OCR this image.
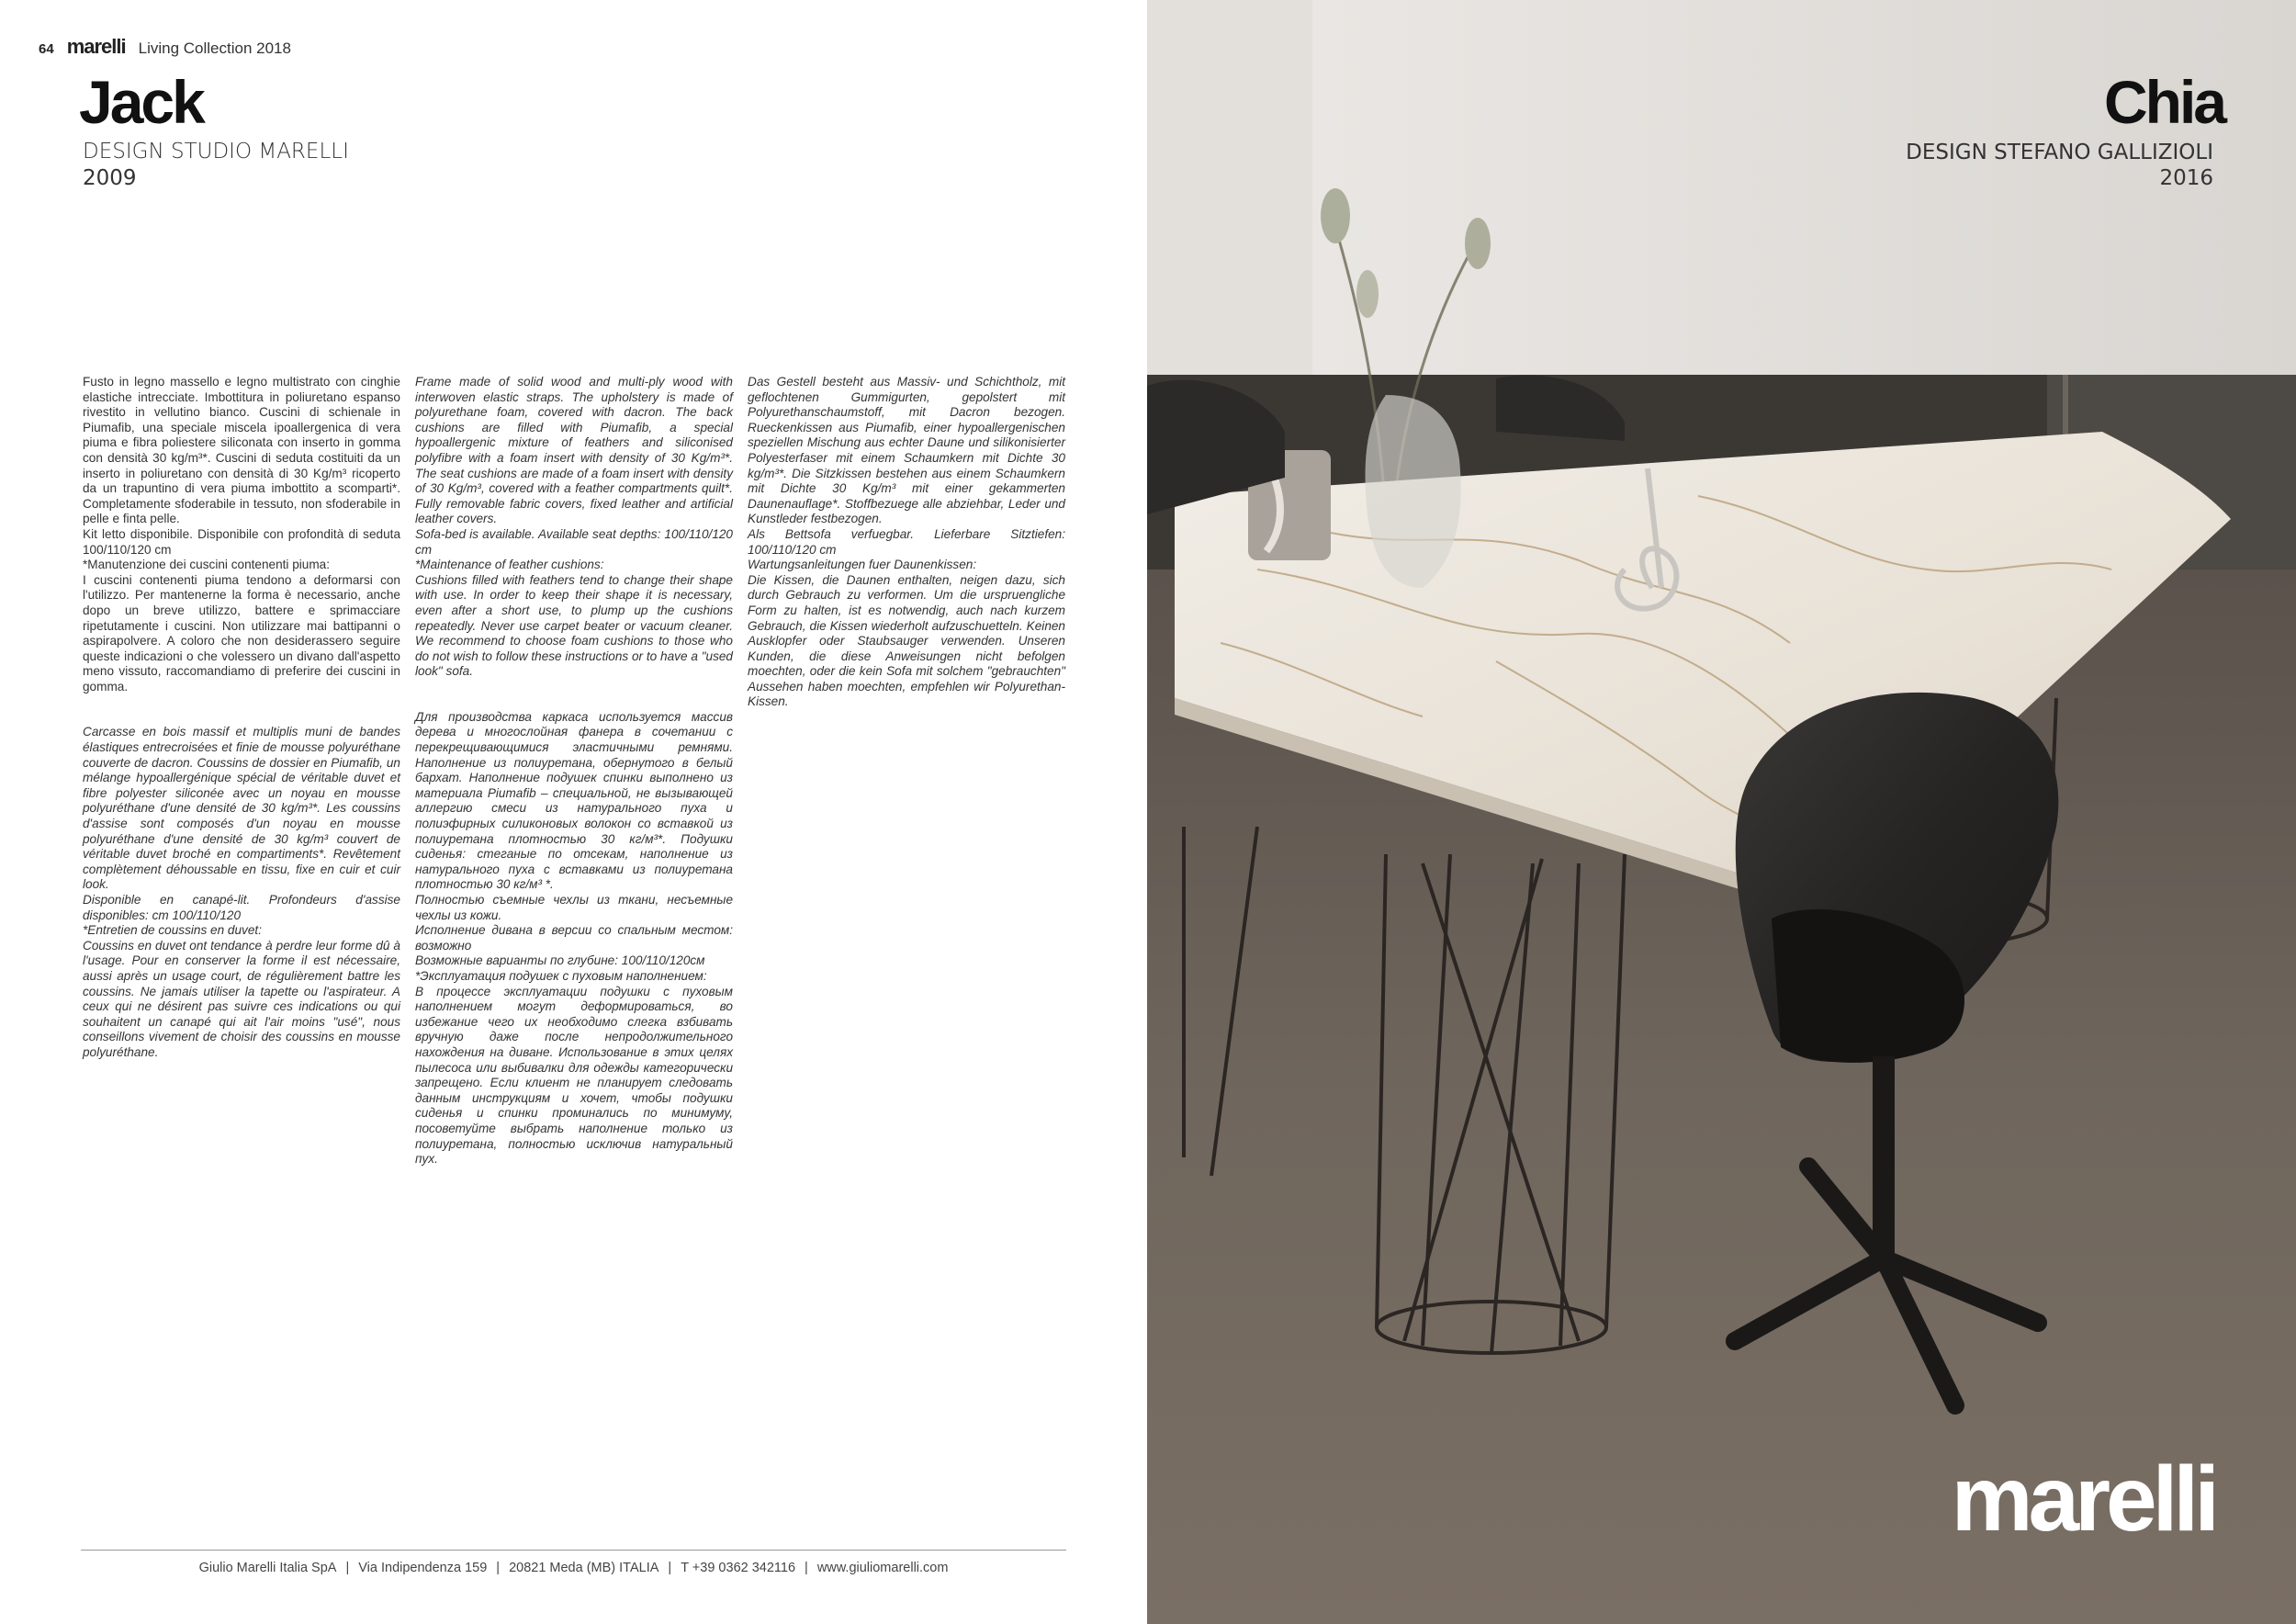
64 marelli Living Collection 2018
Jack
DESIGN STUDIO MARELLI
2009

Fusto in legno massello e legno multistrato con cinghie elastiche intrecciate. Imbottitura in poliuretano espanso rivestito in vellutino bianco. Cuscini di schienale in Piumafib, una speciale miscela ipoallergenica di vera piuma e fibra poliestere siliconata con inserto in gomma con densità 30 kg/m³*. Cuscini di seduta costituiti da un inserto in poliuretano con densità di 30 Kg/m³ ricoperto da un trapuntino di vera piuma imbottito a scomparti*. Completamente sfoderabile in tessuto, non sfoderabile in pelle e finta pelle.
Kit letto disponibile. Disponibile con profondità di seduta 100/110/120 cm
*Manutenzione dei cuscini contenenti piuma:
I cuscini contenenti piuma tendono a deformarsi con l'utilizzo. Per mantenerne la forma è necessario, anche dopo un breve utilizzo, battere e sprimacciare ripetutamente i cuscini. Non utilizzare mai battipanni o aspirapolvere. A coloro che non desiderassero seguire queste indicazioni o che volessero un divano dall'aspetto meno vissuto, raccomandiamo di preferire dei cuscini in gomma.

Carcasse en bois massif et multiplis muni de bandes élastiques entrecroisées et finie de mousse polyuréthane couverte de dacron. Coussins de dossier en Piumafib, un mélange hypoallergénique spécial de véritable duvet et fibre polyester siliconée avec un noyau en mousse polyuréthane d'une densité de 30 kg/m³*. Les coussins d'assise sont composés d'un noyau en mousse polyuréthane d'une densité de 30 kg/m³ couvert de véritable duvet broché en compartiments*. Revêtement complètement déhoussable en tissu, fixe en cuir et cuir look.
Disponible en canapé-lit. Profondeurs d'assise disponibles: cm 100/110/120
*Entretien de coussins en duvet:
Coussins en duvet ont tendance à perdre leur forme dû à l'usage. Pour en conserver la forme il est nécessaire, aussi après un usage court, de régulièrement battre les coussins. Ne jamais utiliser la tapette ou l'aspirateur. A ceux qui ne désirent pas suivre ces indications ou qui souhaitent un canapé qui ait l'air moins "usé", nous conseillons vivement de choisir des coussins en mousse polyuréthane.

Frame made of solid wood and multi-ply wood with interwoven elastic straps. The upholstery is made of polyurethane foam, covered with dacron. The back cushions are filled with Piumafib, a special hypoallergenic mixture of feathers and siliconised polyfibre with a foam insert with density of 30 Kg/m³*. The seat cushions are made of a foam insert with density of 30 Kg/m³, covered with a feather compartments quilt*. Fully removable fabric covers, fixed leather and artificial leather covers.
Sofa-bed is available. Available seat depths: 100/110/120 cm
*Maintenance of feather cushions:
Cushions filled with feathers tend to change their shape with use. In order to keep their shape it is necessary, even after a short use, to plump up the cushions repeatedly. Never use carpet beater or vacuum cleaner. We recommend to choose foam cushions to those who do not wish to follow these instructions or to have a "used look" sofa.

Для производства каркаса используется массив дерева и многослойная фанера в сочетании с перекрещивающимися эластичными ремнями. Наполнение из полиуретана, обернутого в белый бархат. Наполнение подушек спинки выполнено из материала Piumafib – специальной, не вызывающей аллергию смеси из натурального пуха и полиэфирных силиконовых волокон со вставкой из полиуретана плотностью 30 кг/м³*. Подушки сиденья: стеганые по отсекам, наполнение из натурального пуха с вставками из полиуретана плотностью 30 кг/м³ *.
Полностью съемные чехлы из ткани, несъемные чехлы из кожи.
Исполнение дивана в версии со спальным местом: возможно
Возможные варианты по глубине: 100/110/120см
*Эксплуатация подушек с пуховым наполнением:
В процессе эксплуатации подушки с пуховым наполнением могут деформироваться, во избежание чего их необходимо слегка взбивать вручную даже после непродолжительного нахождения на диване. Использование в этих целях пылесоса или выбивалки для одежды категорически запрещено. Если клиент не планирует следовать данным инструкциям и хочет, чтобы подушки сиденья и спинки проминались по минимуму, посоветуйте выбрать наполнение только из полиуретана, полностью исключив натуральный пух.

Das Gestell besteht aus Massiv- und Schichtholz, mit geflochtenen Gummigurten, gepolstert mit Polyurethanschaumstoff, mit Dacron bezogen. Rueckenkissen aus Piumafib, einer hypoallergenischen speziellen Mischung aus echter Daune und silikonisierter Polyesterfaser mit einem Schaumkern mit Dichte 30 kg/m³*. Die Sitzkissen bestehen aus einem Schaumkern mit Dichte 30 Kg/m³ mit einer gekammerten Daunenauflage*. Stoffbezuege alle abziehbar, Leder und Kunstleder festbezogen.
Als Bettsofa verfuegbar. Lieferbare Sitztiefen: 100/110/120 cm
Wartungsanleitungen fuer Daunenkissen:
Die Kissen, die Daunen enthalten, neigen dazu, sich durch Gebrauch zu verformen. Um die urspruengliche Form zu halten, ist es notwendig, auch nach kurzem Gebrauch, die Kissen wiederholt aufzuschuetteln. Keinen Ausklopfer oder Staubsauger verwenden. Unseren Kunden, die diese Anweisungen nicht befolgen moechten, oder die kein Sofa mit solchem "gebrauchten" Aussehen haben moechten, empfehlen wir Polyurethan-Kissen.

Giulio Marelli Italia SpA | Via Indipendenza 159 | 20821 Meda (MB) ITALIA | T +39 0362 342116 | www.giuliomarelli.com
Chia
DESIGN STEFANO GALLIZIOLI
2016
marelli
